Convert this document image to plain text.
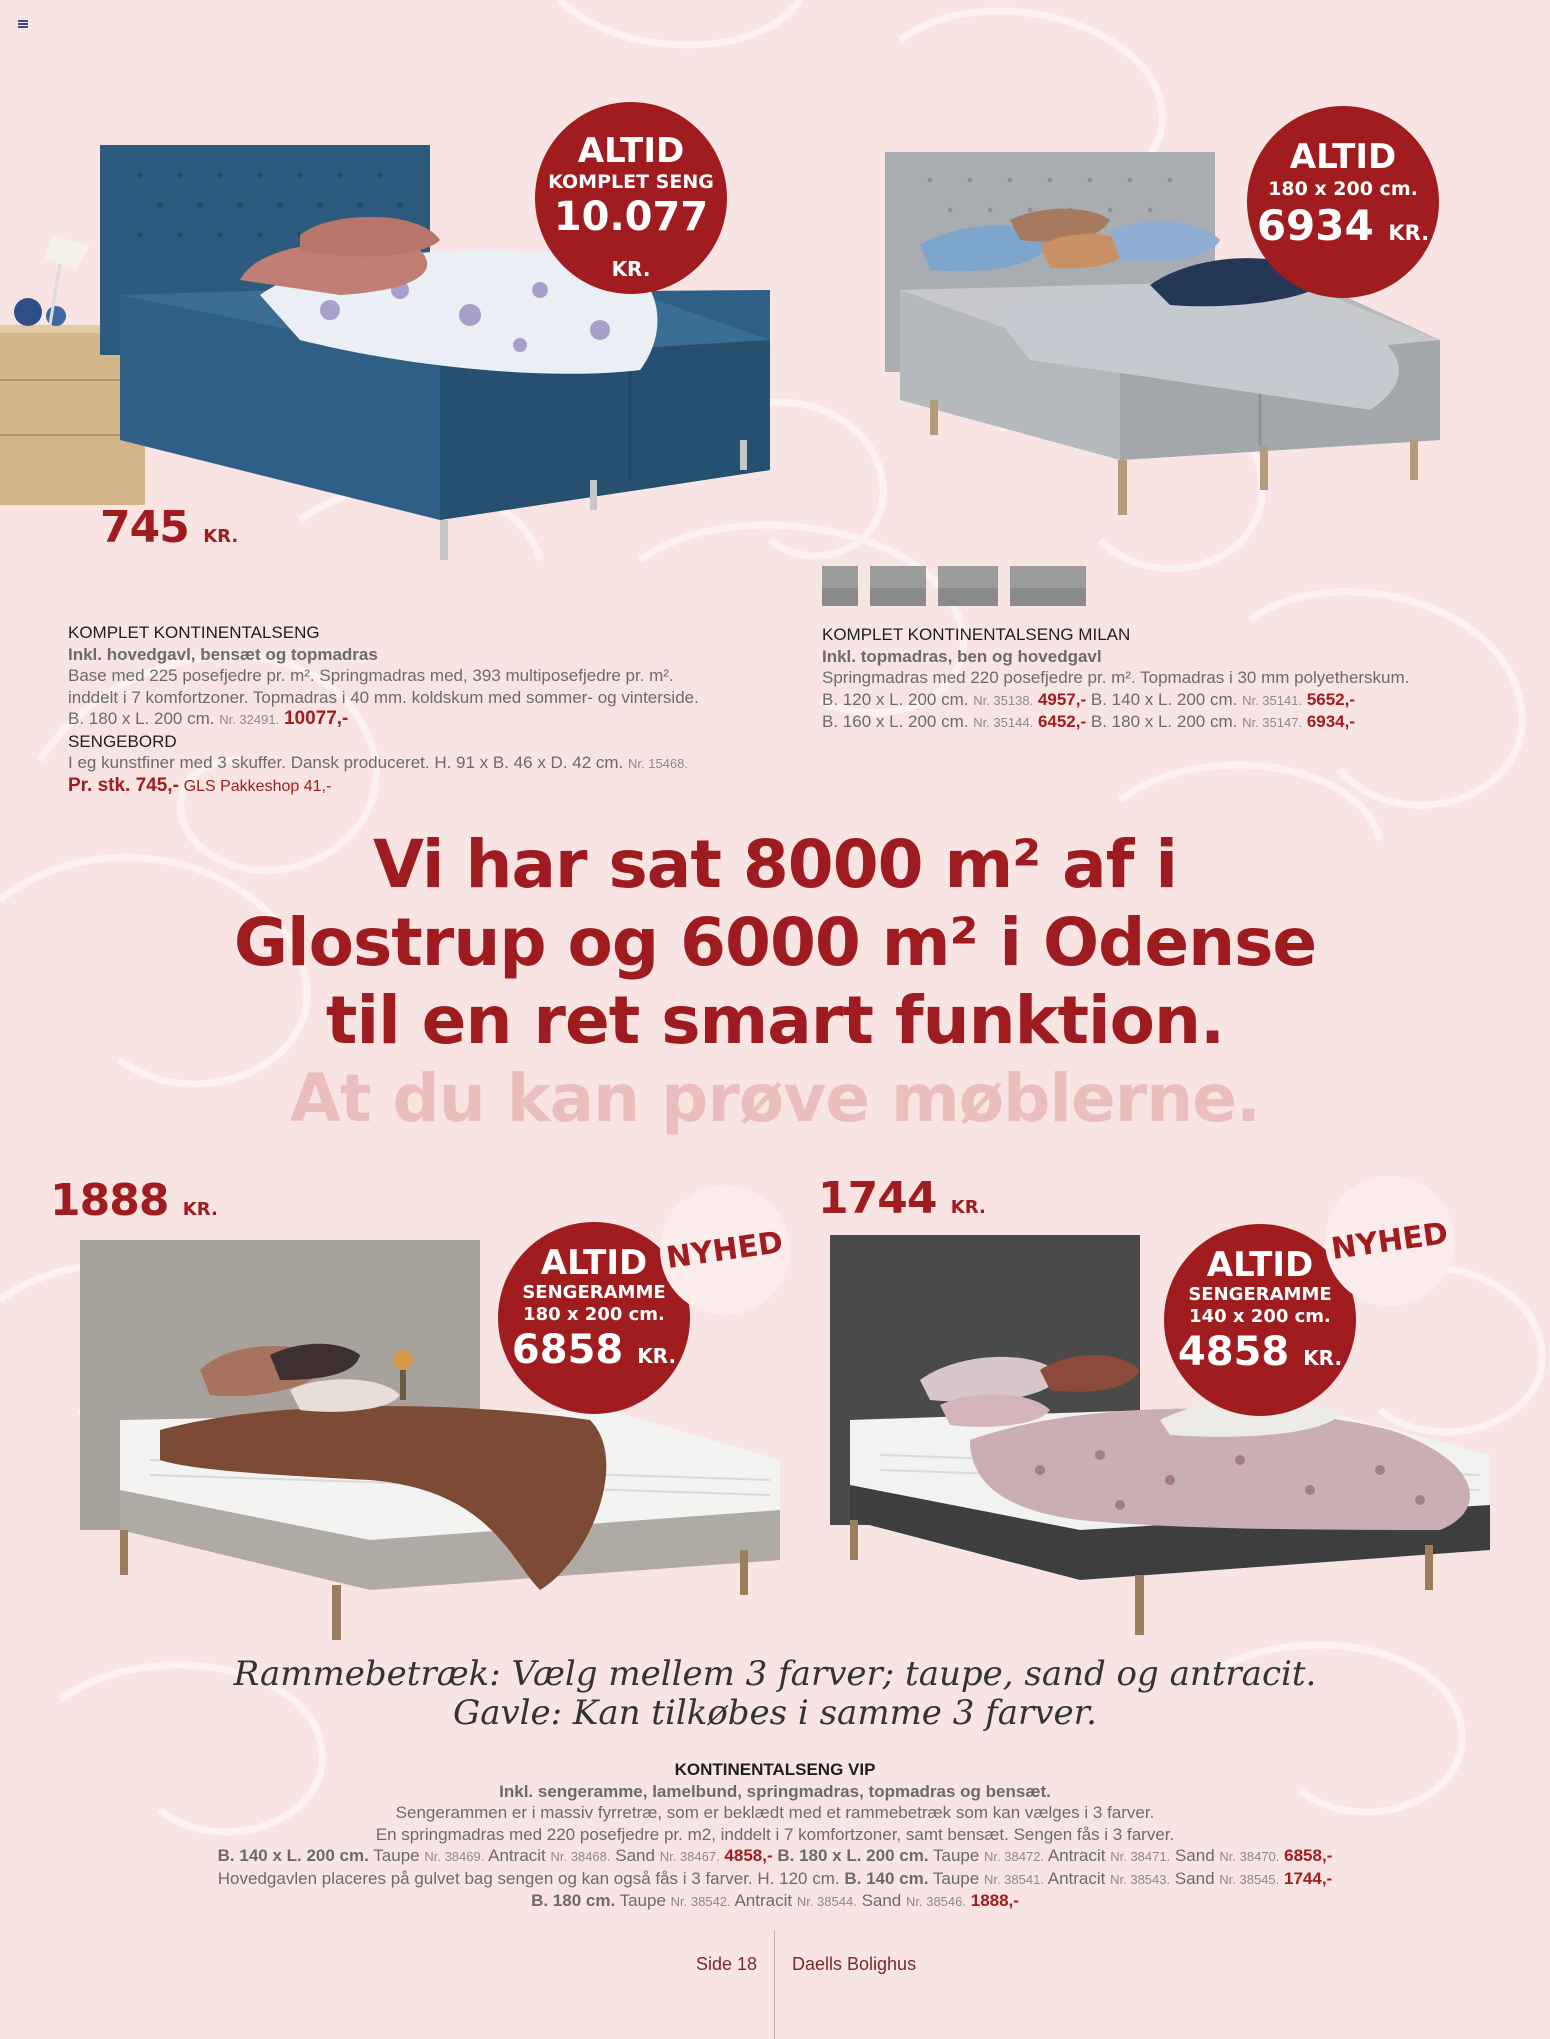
ALTID
KOMPLET SENG
10.077 KR.
745 KR.
ALTID
180 x 200 cm.
6934 KR.
KOMPLET KONTINENTALSENG
Inkl. hovedgavl, bensæt og topmadras
Base med 225 posefjedre pr. m². Springmadras med, 393 multiposefjedre pr. m².
inddelt i 7 komfortzoner. Topmadras i 40 mm. koldskum med sommer- og vinterside.
B. 180 x L. 200 cm. Nr. 32491. 10077,-
SENGEBORD
I eg kunstfiner med 3 skuffer. Dansk produceret. H. 91 x B. 46 x D. 42 cm. Nr. 15468.
Pr. stk. 745,- GLS Pakkeshop 41,-
KOMPLET KONTINENTALSENG MILAN
Inkl. topmadras, ben og hovedgavl
Springmadras med 220 posefjedre pr. m². Topmadras i 30 mm polyetherskum.
B. 120 x L. 200 cm. Nr. 35138. 4957,- B. 140 x L. 200 cm. Nr. 35141. 5652,-
B. 160 x L. 200 cm. Nr. 35144. 6452,- B. 180 x L. 200 cm. Nr. 35147. 6934,-
Vi har sat 8000 m² af i
Glostrup og 6000 m² i Odense
til en ret smart funktion.
At du kan prøve møblerne.
1888 KR.
ALTID
SENGERAMME
180 x 200 cm.
6858 KR.
NYHED
1744 KR.
ALTID
SENGERAMME
140 x 200 cm.
4858 KR.
NYHED
Rammebetræk: Vælg mellem 3 farver; taupe, sand og antracit.
Gavle: Kan tilkøbes i samme 3 farver.
KONTINENTALSENG VIP
Inkl. sengeramme, lamelbund, springmadras, topmadras og bensæt.
Sengerammen er i massiv fyrretræ, som er beklædt med et rammebetræk som kan vælges i 3 farver.
En springmadras med 220 posefjedre pr. m2, inddelt i 7 komfortzoner, samt bensæt. Sengen fås i 3 farver.
B. 140 x L. 200 cm. Taupe Nr. 38469. Antracit Nr. 38468. Sand Nr. 38467. 4858,- B. 180 x L. 200 cm. Taupe Nr. 38472. Antracit Nr. 38471. Sand Nr. 38470. 6858,-
Hovedgavlen placeres på gulvet bag sengen og kan også fås i 3 farver. H. 120 cm. B. 140 cm. Taupe Nr. 38541. Antracit Nr. 38543. Sand Nr. 38545. 1744,-
B. 180 cm. Taupe Nr. 38542. Antracit Nr. 38544. Sand Nr. 38546. 1888,-
Side 18 Daells Bolighus
